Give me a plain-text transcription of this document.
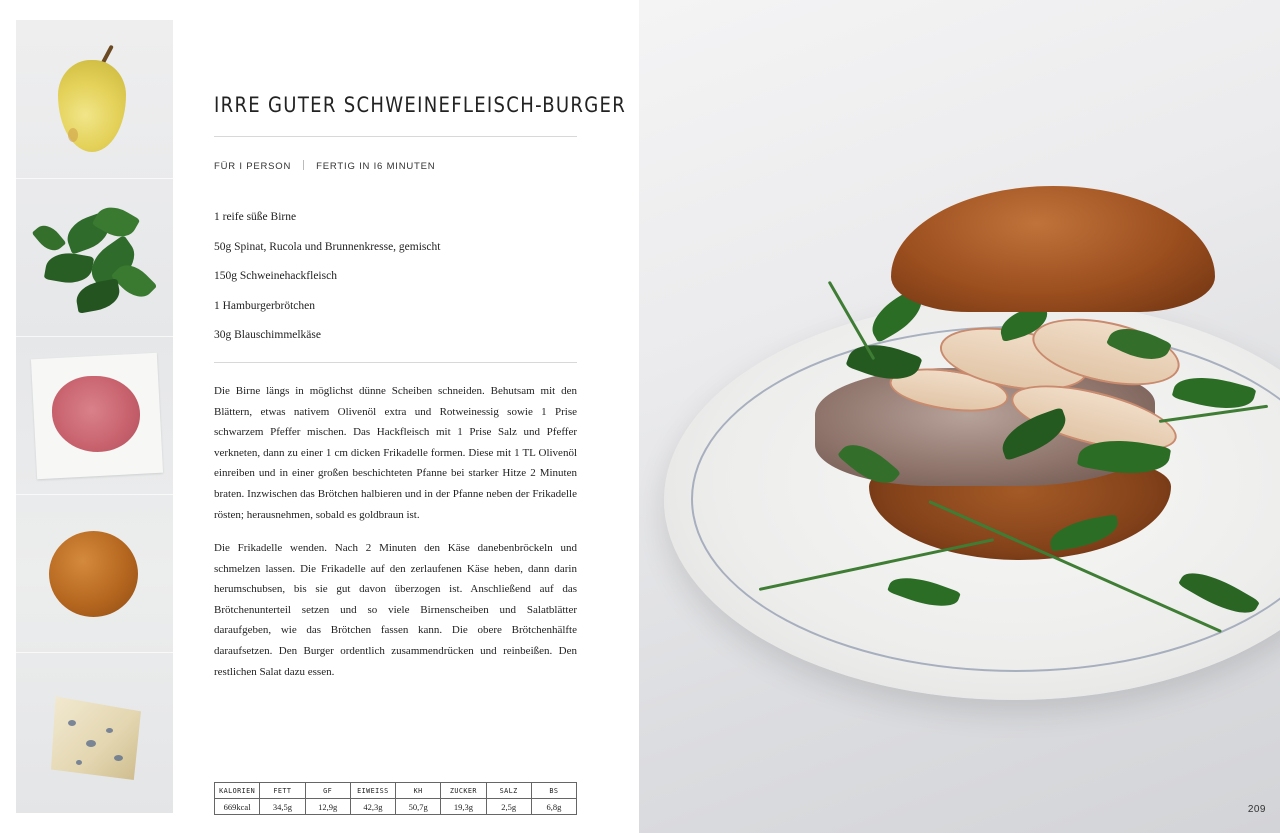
IRRE GUTER SCHWEINEFLEISCH-BURGER
FÜR I PERSON	FERTIG IN I6 MINUTEN
1 reife süße Birne
50g Spinat, Rucola und Brunnenkresse, gemischt
150g Schweinehackfleisch
1 Hamburgerbrötchen
30g Blauschimmelkäse

Die Birne längs in möglichst dünne Scheiben schneiden. Behutsam mit den Blättern, etwas nativem Olivenöl extra und Rotweinessig sowie 1 Prise schwarzem Pfeffer mischen. Das Hackfleisch mit 1 Prise Salz und Pfeffer verkneten, dann zu einer 1 cm dicken Frikadelle formen. Diese mit 1 TL Olivenöl einreiben und in einer großen beschichteten Pfanne bei starker Hitze 2 Minuten braten. Inzwischen das Brötchen halbieren und in der Pfanne neben der Frikadelle rösten; herausnehmen, sobald es goldbraun ist.

Die Frikadelle wenden. Nach 2 Minuten den Käse danebenbröckeln und schmelzen lassen. Die Frikadelle auf den zerlaufenen Käse heben, dann darin herumschubsen, bis sie gut davon überzogen ist. Anschließend auf das Brötchenunterteil setzen und so viele Birnenscheiben und Salatblätter daraufgeben, wie das Brötchen fassen kann. Die obere Brötchenhälfte daraufsetzen. Den Burger ordentlich zusammendrücken und reinbeißen. Den restlichen Salat dazu essen.

KALORIEN	FETT	GF	EIWEISS	KH	ZUCKER	SALZ	BS
669kcal	34,5g	12,9g	42,3g	50,7g	19,3g	2,5g	6,8g	209
